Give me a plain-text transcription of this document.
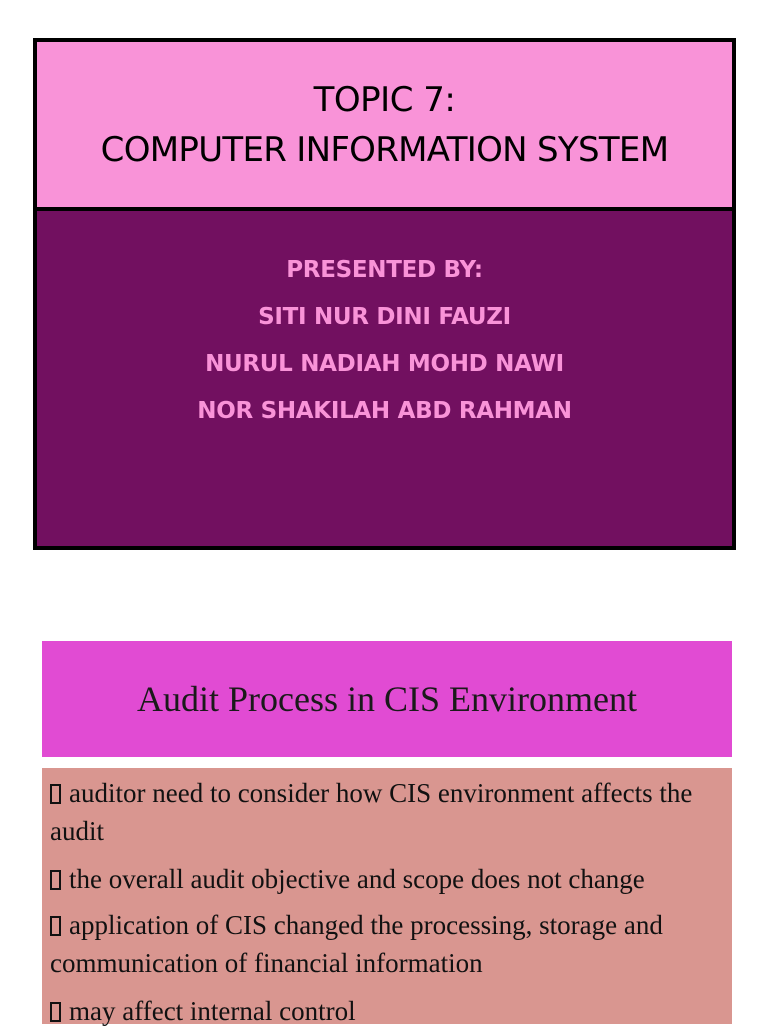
TOPIC 7:
COMPUTER INFORMATION SYSTEM
PRESENTED BY:
SITI NUR DINI FAUZI
NURUL NADIAH MOHD NAWI
NOR SHAKILAH ABD RAHMAN
Audit Process in CIS Environment
auditor need to consider how CIS environment affects the audit
the overall audit objective and scope does not change
application of CIS changed the processing, storage and communication of financial information
may affect internal control
